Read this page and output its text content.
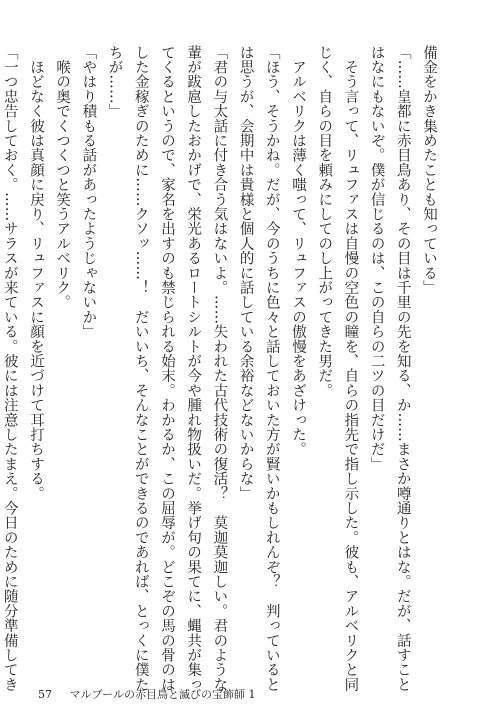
備金をかき集めたことも知っている」
「……皇都に赤目鳥あり、その目は千里の先を知る、か……まさか噂通りとはな。だが、話すこと
はなにもないぞ。僕が信じるのは、この自らの二ツの目だけだ」
　そう言って、リュファスは自慢の空色の瞳を、自らの指先で指し示した。彼も、アルベリクと同
じく、自らの目を頼みにしてのし上がってきた男だ。
　アルベリクは薄く嗤って、リュファスの傲慢をあざけった。
「ほう、そうかね。だが、今のうちに色々と話しておいた方が賢いかもしれんぞ？　判っていると
は思うが、会期中は貴様と個人的に話している余裕などないからな」
「君の与太話に付き合う気はないよ。……失われた古代技術の復活？　莫迦莫迦しい。君のような
輩が跋扈したおかげで、栄光あるロートシルトが今や腫れ物扱いだ。挙げ句の果てに、蝿共が集っ
てくるというので、家名を出すのも禁じられる始末。わかるか、この屈辱が。どこぞの馬の骨のは
した金稼ぎのために……クソッ……！　だいいち、そんなことができるのであれば、とっくに僕た
ちが……」
「やはり積もる話があったようじゃないか」
　喉の奥でくつくつと笑うアルベリク。
　ほどなく彼は真顔に戻り、リュファスに顔を近づけて耳打ちする。
「一つ忠告しておく。……サラスが来ている。彼には注意したまえ。今日のために随分準備してき
57 マルブールの赤目鳥と滅びの宝飾師 1
